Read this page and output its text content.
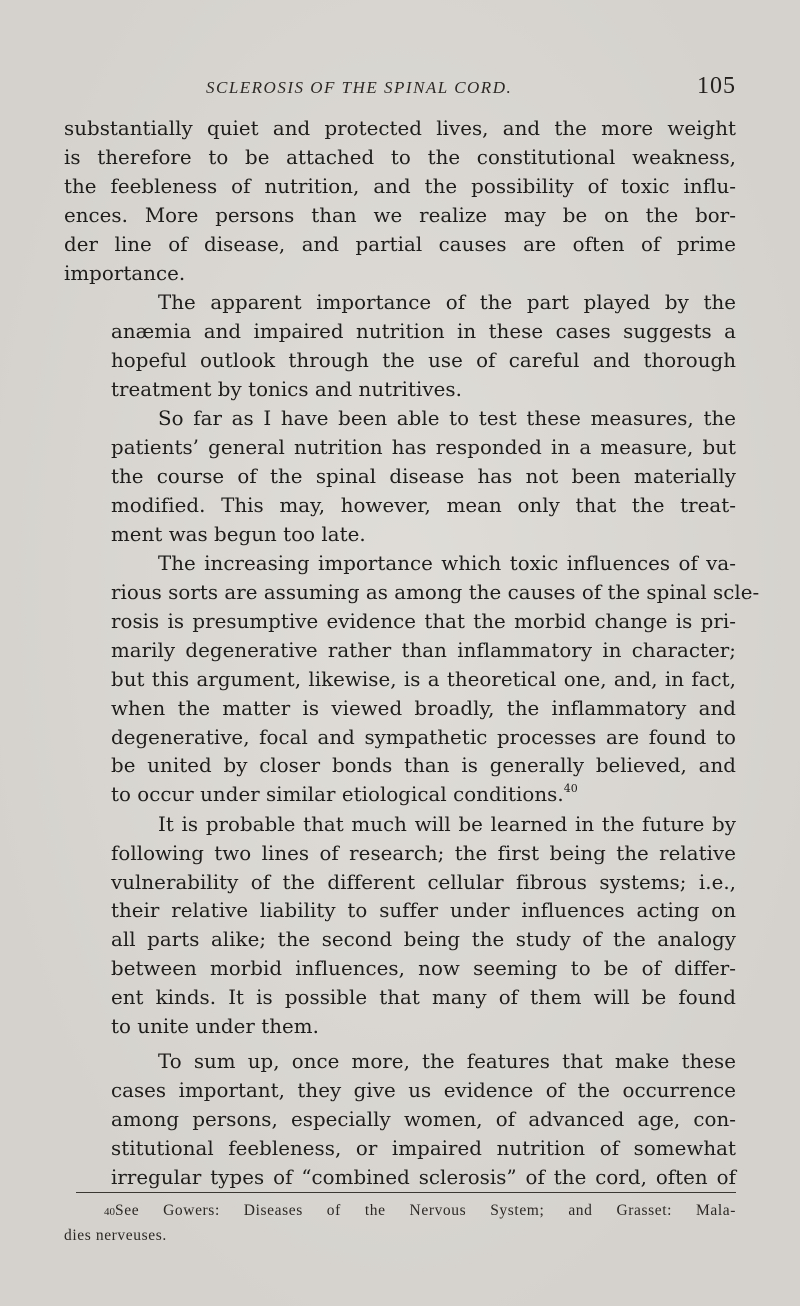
SCLEROSIS OF THE SPINAL CORD.	105

substantially quiet and protected lives, and the more weight
is therefore to be attached to the constitutional weakness,
the feebleness of nutrition, and the possibility of toxic influ-
ences. More persons than we realize may be on the bor-
der line of disease, and partial causes are often of prime
importance.

The apparent importance of the part played by the
anæmia and impaired nutrition in these cases suggests a
hopeful outlook through the use of careful and thorough
treatment by tonics and nutritives.

So far as I have been able to test these measures, the
patients’ general nutrition has responded in a measure, but
the course of the spinal disease has not been materially
modified. This may, however, mean only that the treat-
ment was begun too late.

The increasing importance which toxic influences of va-
rious sorts are assuming as among the causes of the spinal scle-
rosis is presumptive evidence that the morbid change is pri-
marily degenerative rather than inflammatory in character;
but this argument, likewise, is a theoretical one, and, in fact,
when the matter is viewed broadly, the inflammatory and
degenerative, focal and sympathetic processes are found to
be united by closer bonds than is generally believed, and
to occur under similar etiological conditions.$^{40}$

It is probable that much will be learned in the future by
following two lines of research; the first being the relative
vulnerability of the different cellular fibrous systems; i.e.,
their relative liability to suffer under influences acting on
all parts alike; the second being the study of the analogy
between morbid influences, now seeming to be of differ-
ent kinds. It is possible that many of them will be found
to unite under them.

To sum up, once more, the features that make these
cases important, they give us evidence of the occurrence
among persons, especially women, of advanced age, con-
stitutional feebleness, or impaired nutrition of somewhat
irregular types of “combined sclerosis” of the cord, often of

40See Gowers: Diseases of the Nervous System; and Grasset: Mala-

dies nerveuses.
